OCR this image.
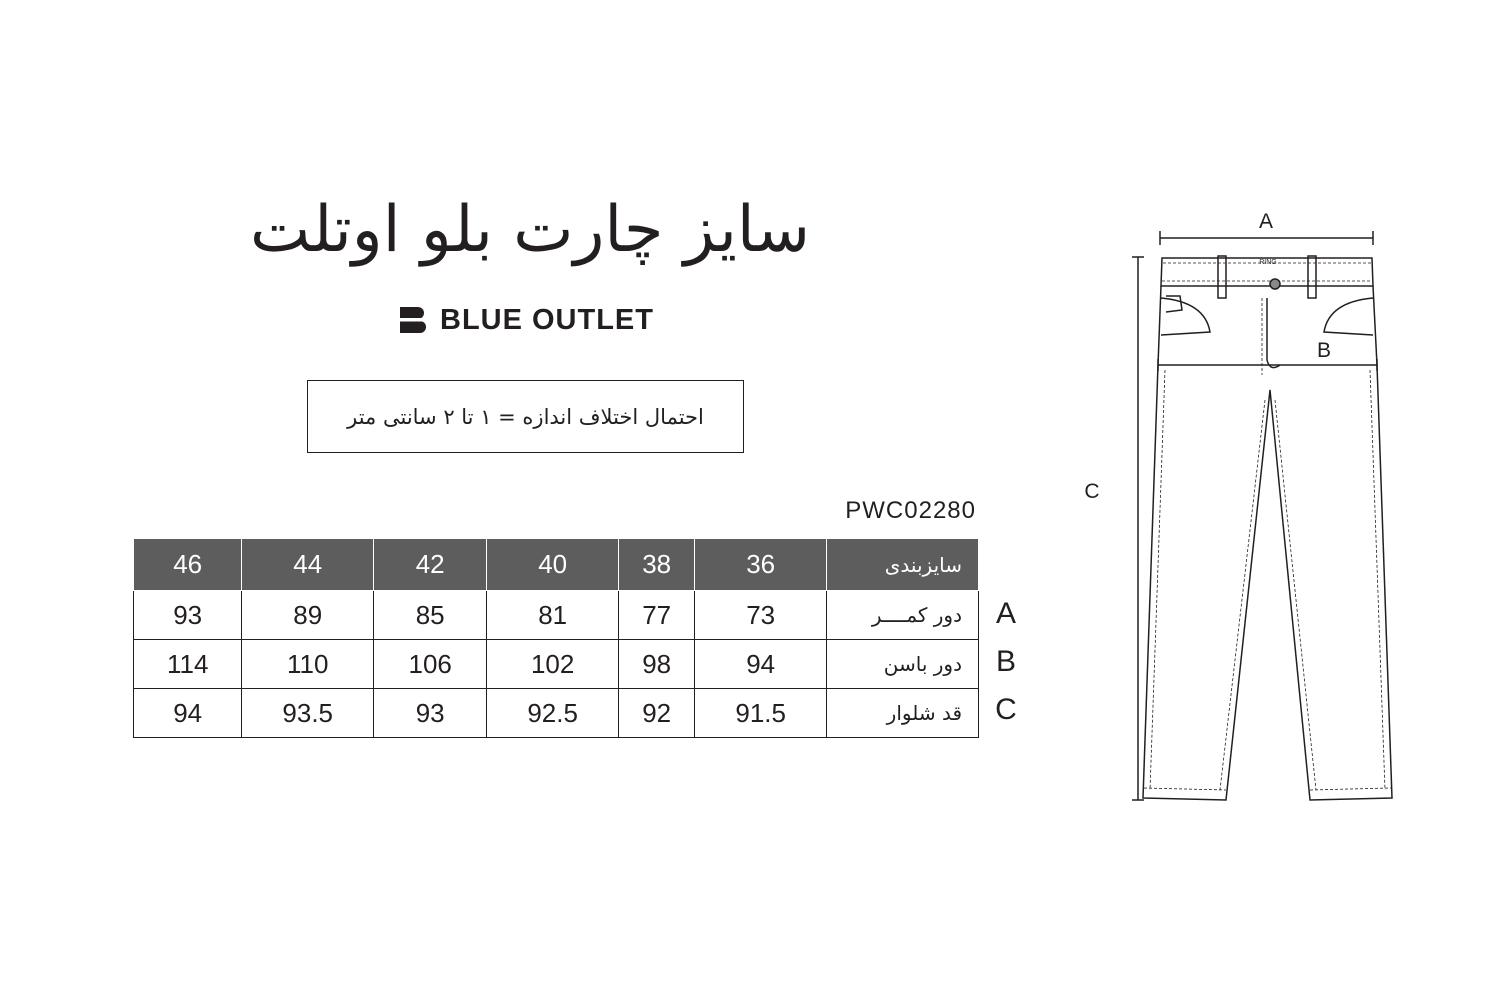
سایز چارت بلو اوتلت
BLUE OUTLET
احتمال اختلاف اندازه = ۱ تا ۲ سانتی متر
PWC02280
سایزبندی	36	38	40	42	44	46
دور کمــــر	73	77	81	85	89	93
دور باسن	94	98	102	106	110	114
قد شلوار	91.5	92	92.5	93	93.5	94
A
B
C
A
B
C
RING
